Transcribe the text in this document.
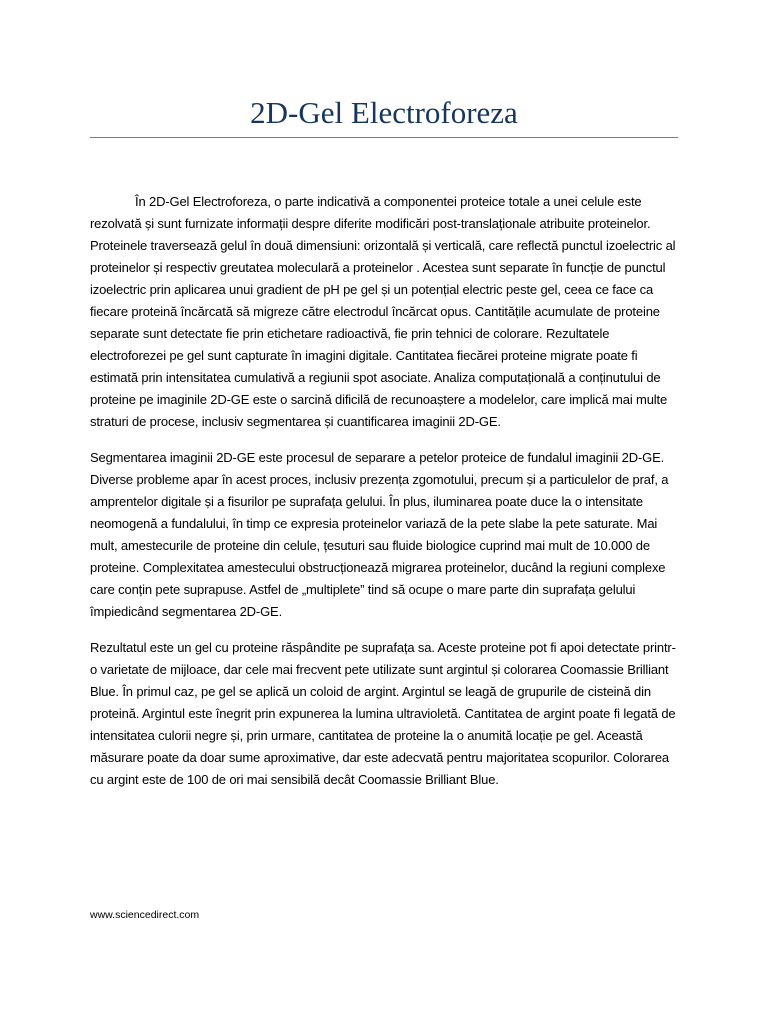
2D-Gel Electroforeza

În 2D-Gel Electroforeza, o parte indicativă a componentei proteice totale a unei celule este rezolvată și sunt furnizate informații despre diferite modificări post-translaționale atribuite proteinelor. Proteinele traversează gelul în două dimensiuni: orizontală și verticală, care reflectă punctul izoelectric al proteinelor și respectiv greutatea moleculară a proteinelor . Acestea sunt separate în funcție de punctul izoelectric prin aplicarea unui gradient de pH pe gel și un potențial electric peste gel, ceea ce face ca fiecare proteină încărcată să migreze către electrodul încărcat opus. Cantitățile acumulate de proteine separate sunt detectate fie prin etichetare radioactivă, fie prin tehnici de colorare. Rezultatele electroforezei pe gel sunt capturate în imagini digitale. Cantitatea fiecărei proteine migrate poate fi estimată prin intensitatea cumulativă a regiunii spot asociate. Analiza computațională a conținutului de proteine pe imaginile 2D-GE este o sarcină dificilă de recunoaștere a modelelor, care implică mai multe straturi de procese, inclusiv segmentarea și cuantificarea imaginii 2D-GE.

Segmentarea imaginii 2D-GE este procesul de separare a petelor proteice de fundalul imaginii 2D-GE. Diverse probleme apar în acest proces, inclusiv prezența zgomotului, precum și a particulelor de praf, a amprentelor digitale și a fisurilor pe suprafața gelului. În plus, iluminarea poate duce la o intensitate neomogenă a fundalului, în timp ce expresia proteinelor variază de la pete slabe la pete saturate. Mai mult, amestecurile de proteine din celule, țesuturi sau fluide biologice cuprind mai mult de 10.000 de proteine. Complexitatea amestecului obstrucționează migrarea proteinelor, ducând la regiuni complexe care conțin pete suprapuse. Astfel de „multiplete” tind să ocupe o mare parte din suprafața gelului împiedicând segmentarea 2D-GE.

Rezultatul este un gel cu proteine răspândite pe suprafața sa. Aceste proteine pot fi apoi detectate printr-o varietate de mijloace, dar cele mai frecvent pete utilizate sunt argintul și colorarea Coomassie Brilliant Blue. În primul caz, pe gel se aplică un coloid de argint. Argintul se leagă de grupurile de cisteină din proteină. Argintul este înegrit prin expunerea la lumina ultravioletă. Cantitatea de argint poate fi legată de intensitatea culorii negre și, prin urmare, cantitatea de proteine la o anumită locație pe gel. Această măsurare poate da doar sume aproximative, dar este adecvată pentru majoritatea scopurilor. Colorarea cu argint este de 100 de ori mai sensibilă decât Coomassie Brilliant Blue.

www.sciencedirect.com
